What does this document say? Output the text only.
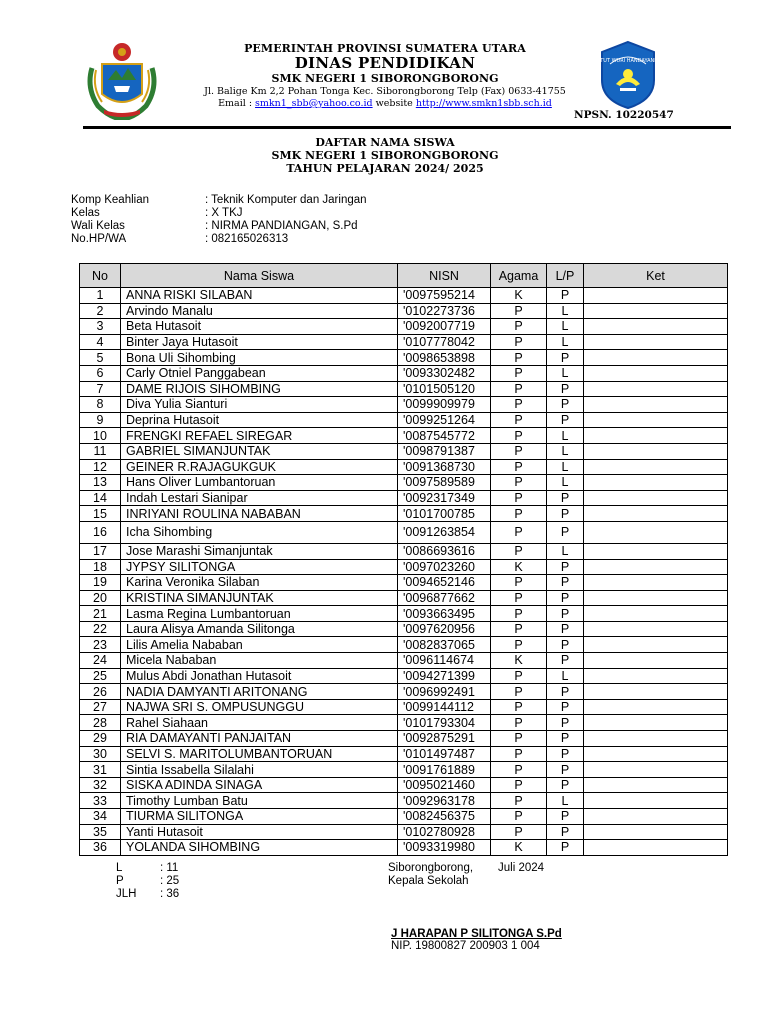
PEMERINTAH PROVINSI SUMATERA UTARA
DINAS PENDIDIKAN
SMK NEGERI 1 SIBORONGBORONG
Jl. Balige Km 2,2 Pohan Tonga Kec. Siborongborong Telp (Fax) 0633-41755
Email : smkn1_sbb@yahoo.co.id website http://www.smkn1sbb.sch.id
TUT WURI HANDAYANI
NPSN. 10220547
DAFTAR NAMA SISWA
SMK NEGERI 1 SIBORONGBORONG
TAHUN PELAJARAN 2024/ 2025
Komp Keahlian	: Teknik Komputer dan Jaringan
Kelas	: X TKJ
Wali Kelas	: NIRMA PANDIANGAN, S.Pd
No.HP/WA	: 082165026313
No	Nama Siswa	NISN	Agama	L/P	Ket
1	ANNA RISKI SILABAN	'0097595214	K	P	
2	Arvindo Manalu	'0102273736	P	L	
3	Beta Hutasoit	'0092007719	P	L	
4	Binter Jaya Hutasoit	'0107778042	P	L	
5	Bona Uli Sihombing	'0098653898	P	P	
6	Carly Otniel Panggabean	'0093302482	P	L	
7	DAME RIJOIS SIHOMBING	'0101505120	P	P	
8	Diva Yulia Sianturi	'0099909979	P	P	
9	Deprina Hutasoit	'0099251264	P	P	
10	FRENGKI REFAEL SIREGAR	'0087545772	P	L	
11	GABRIEL SIMANJUNTAK	'0098791387	P	L	
12	GEINER R.RAJAGUKGUK	'0091368730	P	L	
13	Hans Oliver Lumbantoruan	'0097589589	P	L	
14	Indah Lestari Sianipar	'0092317349	P	P	
15	INRIYANI ROULINA NABABAN	'0101700785	P	P	
16	Icha Sihombing	'0091263854	P	P	
17	Jose Marashi Simanjuntak	'0086693616	P	L	
18	JYPSY SILITONGA	'0097023260	K	P	
19	Karina Veronika Silaban	'0094652146	P	P	
20	KRISTINA SIMANJUNTAK	'0096877662	P	P	
21	Lasma Regina Lumbantoruan	'0093663495	P	P	
22	Laura Alisya Amanda Silitonga	'0097620956	P	P	
23	Lilis Amelia Nababan	'0082837065	P	P	
24	Micela Nababan	'0096114674	K	P	
25	Mulus Abdi Jonathan Hutasoit	'0094271399	P	L	
26	NADIA DAMYANTI ARITONANG	'0096992491	P	P	
27	NAJWA SRI S. OMPUSUNGGU	'0099144112	P	P	
28	Rahel Siahaan	'0101793304	P	P	
29	RIA DAMAYANTI PANJAITAN	'0092875291	P	P	
30	SELVI S. MARITOLUMBANTORUAN	'0101497487	P	P	
31	Sintia Issabella Silalahi	'0091761889	P	P	
32	SISKA ADINDA SINAGA	'0095021460	P	P	
33	Timothy Lumban Batu	'0092963178	P	L	
34	TIURMA SILITONGA	'0082456375	P	P	
35	Yanti Hutasoit	'0102780928	P	P	
36	YOLANDA SIHOMBING	'0093319980	K	P	
L	: 11
P	: 25
JLH	: 36
Siborongborong,	Juli 2024
Kepala Sekolah
J HARAPAN P SILITONGA S.Pd
NIP. 19800827 200903 1 004
